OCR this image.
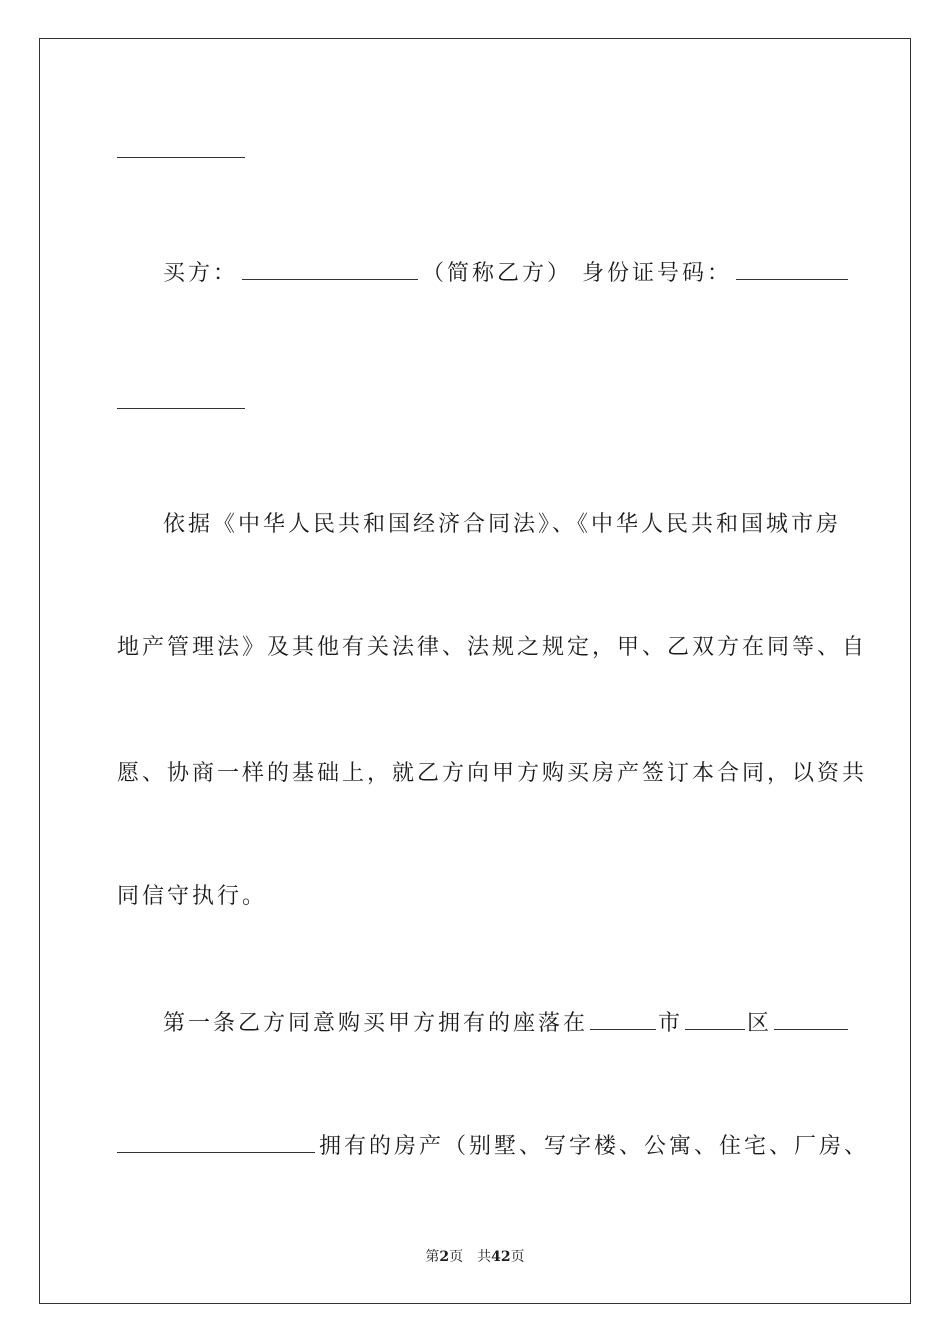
买方：	（简称乙方） 身份证号码：
依据《中华人民共和国经济合同法》、《中华人民共和国城市房
地产管理法》及其他有关法律、法规之规定，甲、乙双方在同等、自
愿、协商一样的基础上，就乙方向甲方购买房产签订本合同，以资共
同信守执行。
第一条乙方同意购买甲方拥有的座落在	市	区
拥有的房产（别墅、写字楼、公寓、住宅、厂房、
第2页　共42页
